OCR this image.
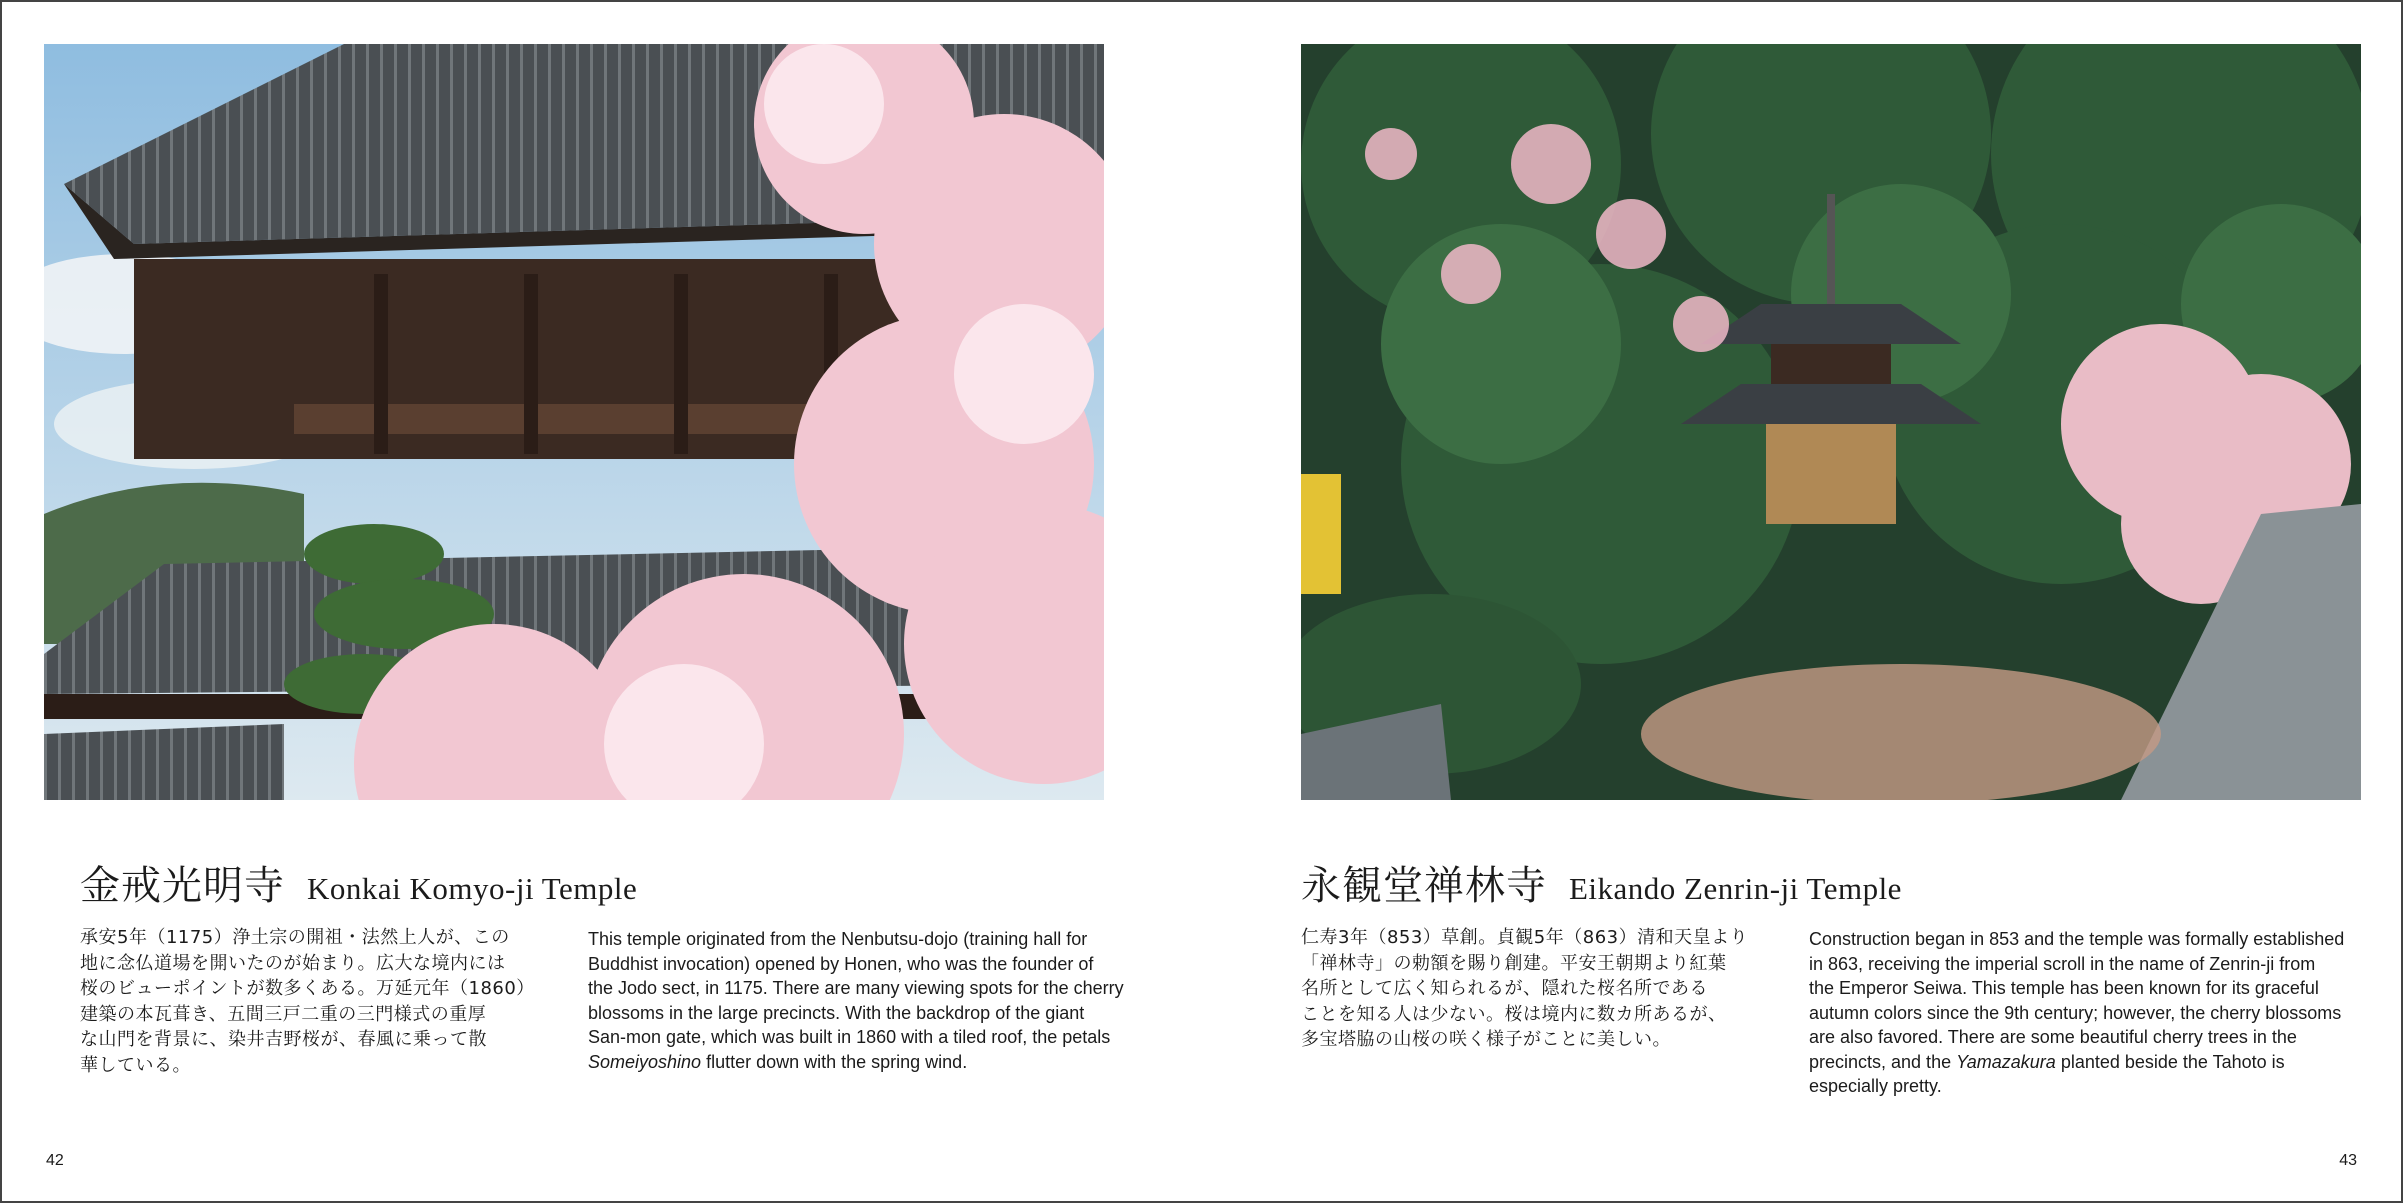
金戒光明寺 Konkai Komyo-ji Temple
承安5年（1175）浄土宗の開祖・法然上人が、この
地に念仏道場を開いたのが始まり。広大な境内には
桜のビューポイントが数多くある。万延元年（1860）
建築の本瓦葺き、五間三戸二重の三門様式の重厚
な山門を背景に、染井吉野桜が、春風に乗って散
華している。
This temple originated from the Nenbutsu-dojo (training hall for
Buddhist invocation) opened by Honen, who was the founder of
the Jodo sect, in 1175. There are many viewing spots for the cherry
blossoms in the large precincts. With the backdrop of the giant
San-mon gate, which was built in 1860 with a tiled roof, the petals
Someiyoshino flutter down with the spring wind.
永観堂禅林寺 Eikando Zenrin-ji Temple
仁寿3年（853）草創。貞観5年（863）清和天皇より
「禅林寺」の勅額を賜り創建。平安王朝期より紅葉
名所として広く知られるが、隠れた桜名所である
ことを知る人は少ない。桜は境内に数カ所あるが、
多宝塔脇の山桜の咲く様子がことに美しい。
Construction began in 853 and the temple was formally established
in 863, receiving the imperial scroll in the name of Zenrin-ji from
the Emperor Seiwa. This temple has been known for its graceful
autumn colors since the 9th century; however, the cherry blossoms
are also favored. There are some beautiful cherry trees in the
precincts, and the Yamazakura planted beside the Tahoto is
especially pretty.
42	43
